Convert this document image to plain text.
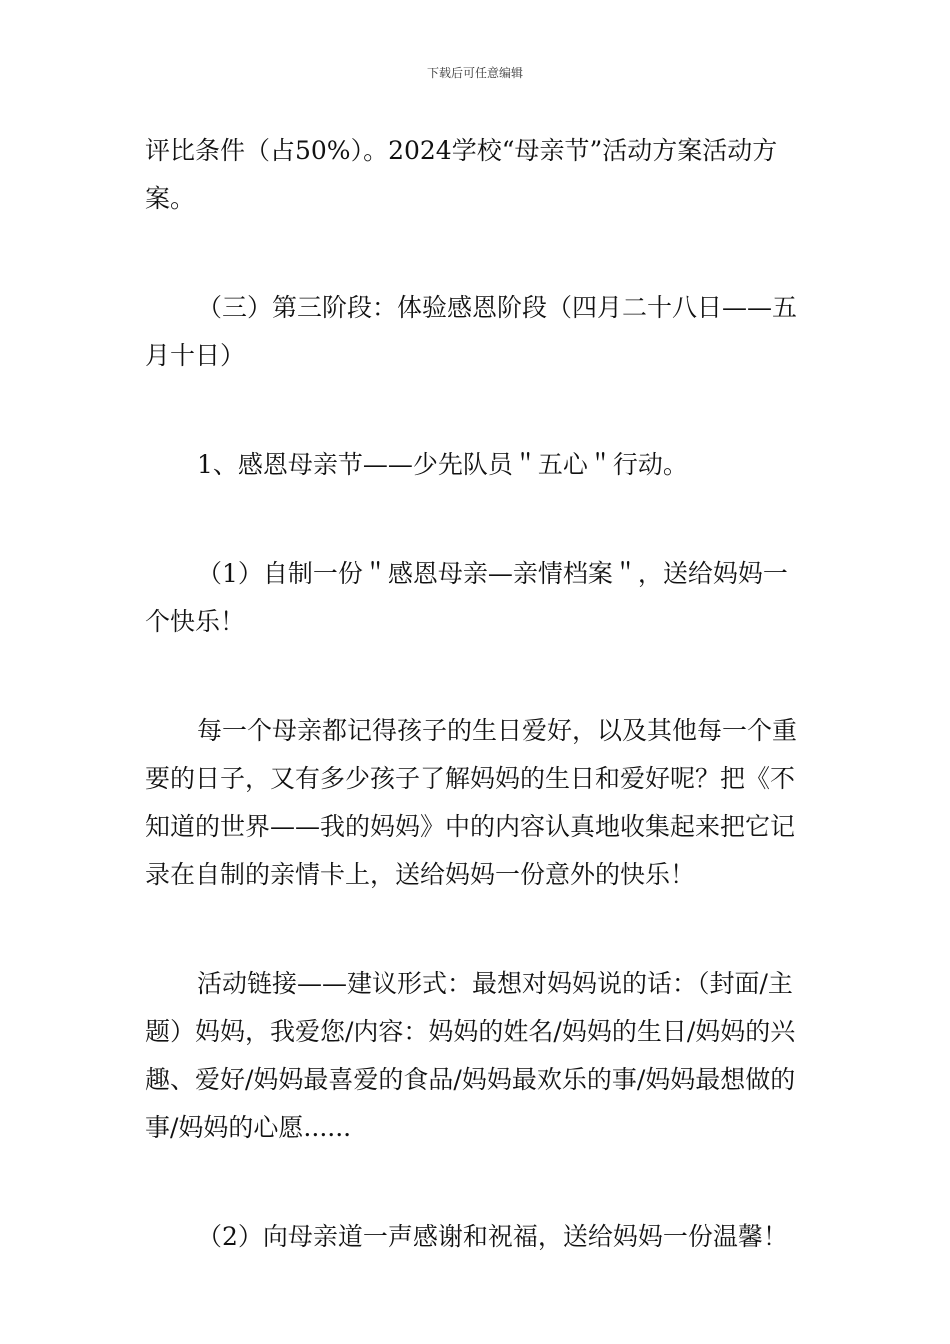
下载后可任意编辑

评比条件（占50%）。2024学校“母亲节”活动方案活动方案。

（三）第三阶段：体验感恩阶段（四月二十八日——五月十日）

1、感恩母亲节——少先队员＂五心＂行动。

（1）自制一份＂感恩母亲—亲情档案＂，送给妈妈一个快乐！

每一个母亲都记得孩子的生日爱好，以及其他每一个重要的日子，又有多少孩子了解妈妈的生日和爱好呢？把《不知道的世界——我的妈妈》中的内容认真地收集起来把它记录在自制的亲情卡上，送给妈妈一份意外的快乐！

活动链接——建议形式：最想对妈妈说的话：（封面/主题）妈妈，我爱您/内容：妈妈的姓名/妈妈的生日/妈妈的兴趣、爱好/妈妈最喜爱的食品/妈妈最欢乐的事/妈妈最想做的事/妈妈的心愿......

（2）向母亲道一声感谢和祝福，送给妈妈一份温馨！
